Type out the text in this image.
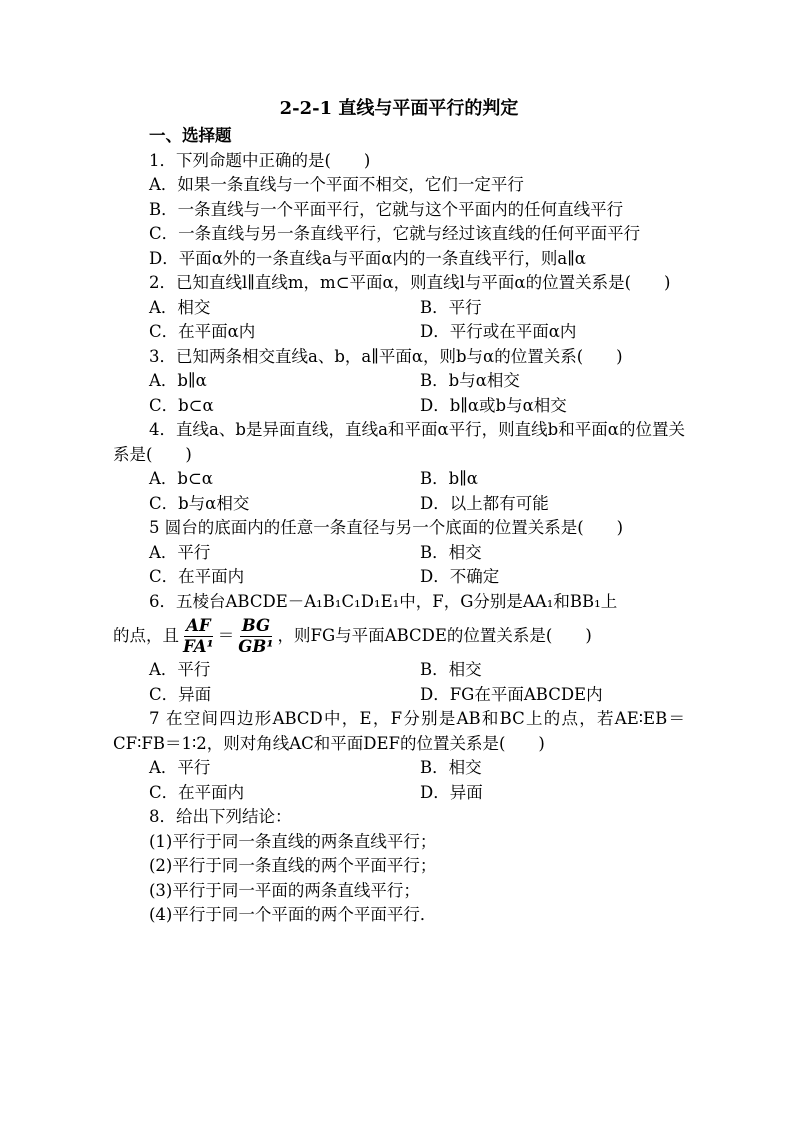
2-2-1 直线与平面平行的判定
一、选择题
1．下列命题中正确的是(　　)
A．如果一条直线与一个平面不相交，它们一定平行
B．一条直线与一个平面平行，它就与这个平面内的任何直线平行
C．一条直线与另一条直线平行，它就与经过该直线的任何平面平行
D．平面α外的一条直线a与平面α内的一条直线平行，则a∥α
2．已知直线l∥直线m，m⊂平面α，则直线l与平面α的位置关系是(　　)
A．相交	B．平行
C．在平面α内	D．平行或在平面α内
3．已知两条相交直线a、b，a∥平面α，则b与α的位置关系(　　)
A．b∥α	B．b与α相交
C．b⊂α	D．b∥α或b与α相交
4．直线a、b是异面直线，直线a和平面α平行，则直线b和平面α的位置关系是(　　)
A．b⊂α	B．b∥α
C．b与α相交	D．以上都有可能
5 圆台的底面内的任意一条直径与另一个底面的位置关系是(　　)
A．平行	B．相交
C．在平面内	D．不确定
6．五棱台ABCDE－A₁B₁C₁D₁E₁中，F，G分别是AA₁和BB₁上
的点，且 $\frac{AF}{\text{FA¹}} = \frac{BG}{\text{GB¹}}$ ，则FG与平面ABCDE的位置关系是(　　)
A．平行	B．相交
C．异面	D．FG在平面ABCDE内
7 在空间四边形ABCD中，E，F分别是AB和BC上的点，若AE∶EB＝CF∶FB＝1∶2，则对角线AC和平面DEF的位置关系是(　　)
A．平行	B．相交
C．在平面内	D．异面
8．给出下列结论：
(1)平行于同一条直线的两条直线平行；
(2)平行于同一条直线的两个平面平行；
(3)平行于同一平面的两条直线平行；
(4)平行于同一个平面的两个平面平行．
